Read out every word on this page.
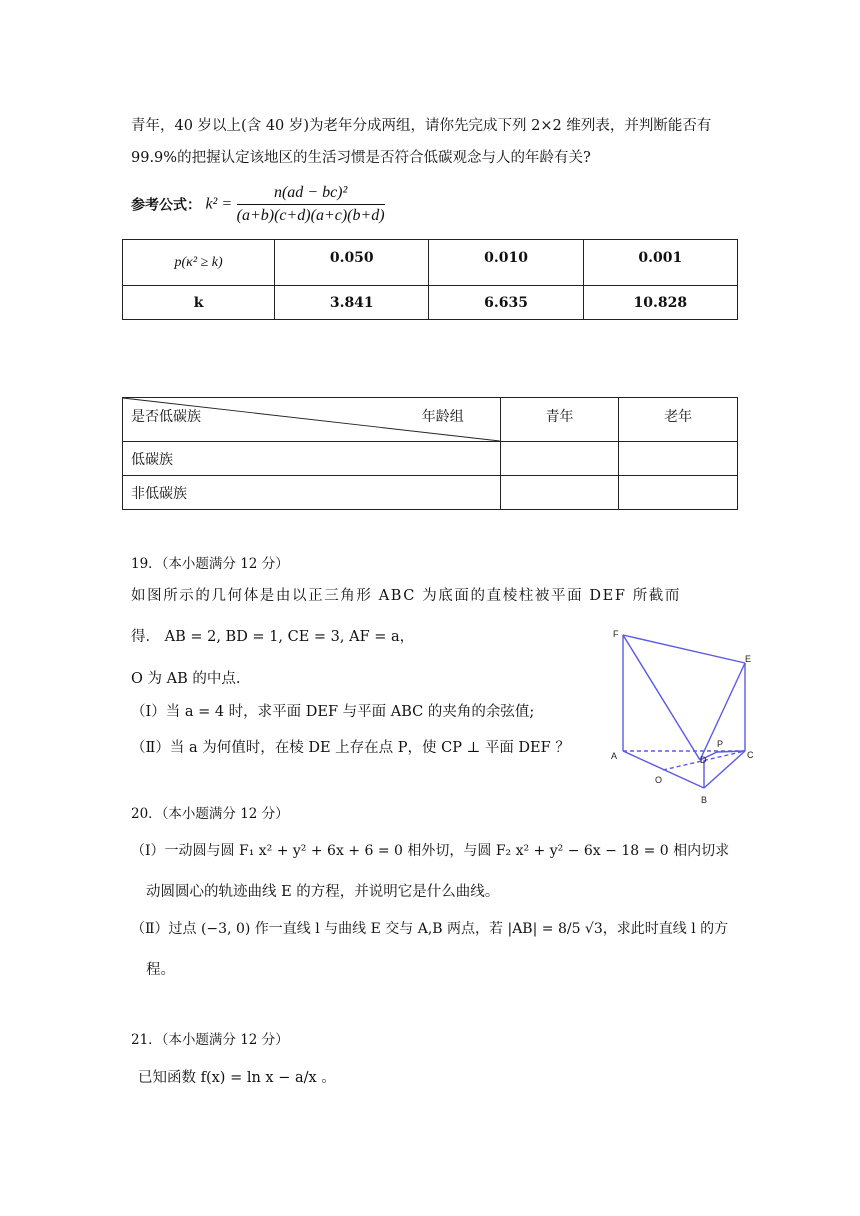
青年，40 岁以上(含 40 岁)为老年分成两组，请你先完成下列 2×2 维列表，并判断能否有
99.9%的把握认定该地区的生活习惯是否符合低碳观念与人的年龄有关?
参考公式： $k^2 = \frac{\text{n(ad − bc)²}}{(a+b)(c+d)(a+c)(b+d)}$
p(κ² ≥ k)	0.050	0.010	0.001
k	3.841	6.635	10.828
是否低碳族 年龄组	青年	老年
低碳族		
非低碳族		
19．（本小题满分 12 分）
如图所示的几何体是由以正三角形 ABC 为底面的直棱柱被平面 DEF 所截而
得． AB = 2, BD = 1, CE = 3, AF = a，
O 为 AB 的中点.
（Ⅰ）当 a = 4 时，求平面 DEF 与平面 ABC 的夹角的余弦值;
（Ⅱ）当 a 为何值时，在棱 DE 上存在点 P，使 CP ⊥ 平面 DEF ？
F
E
P
A	D	C
O
B
20．（本小题满分 12 分）
（Ⅰ）一动圆与圆 F₁ x² + y² + 6x + 6 = 0 相外切，与圆 F₂ x² + y² − 6x − 18 = 0 相内切求
动圆圆心的轨迹曲线 E 的方程，并说明它是什么曲线。
（Ⅱ）过点 (−3, 0) 作一直线 l 与曲线 E 交与 A,B 两点，若 |AB| = 8/5 √3，求此时直线 l 的方
程。
21．（本小题满分 12 分）
已知函数 f(x) = ln x − a/x 。
